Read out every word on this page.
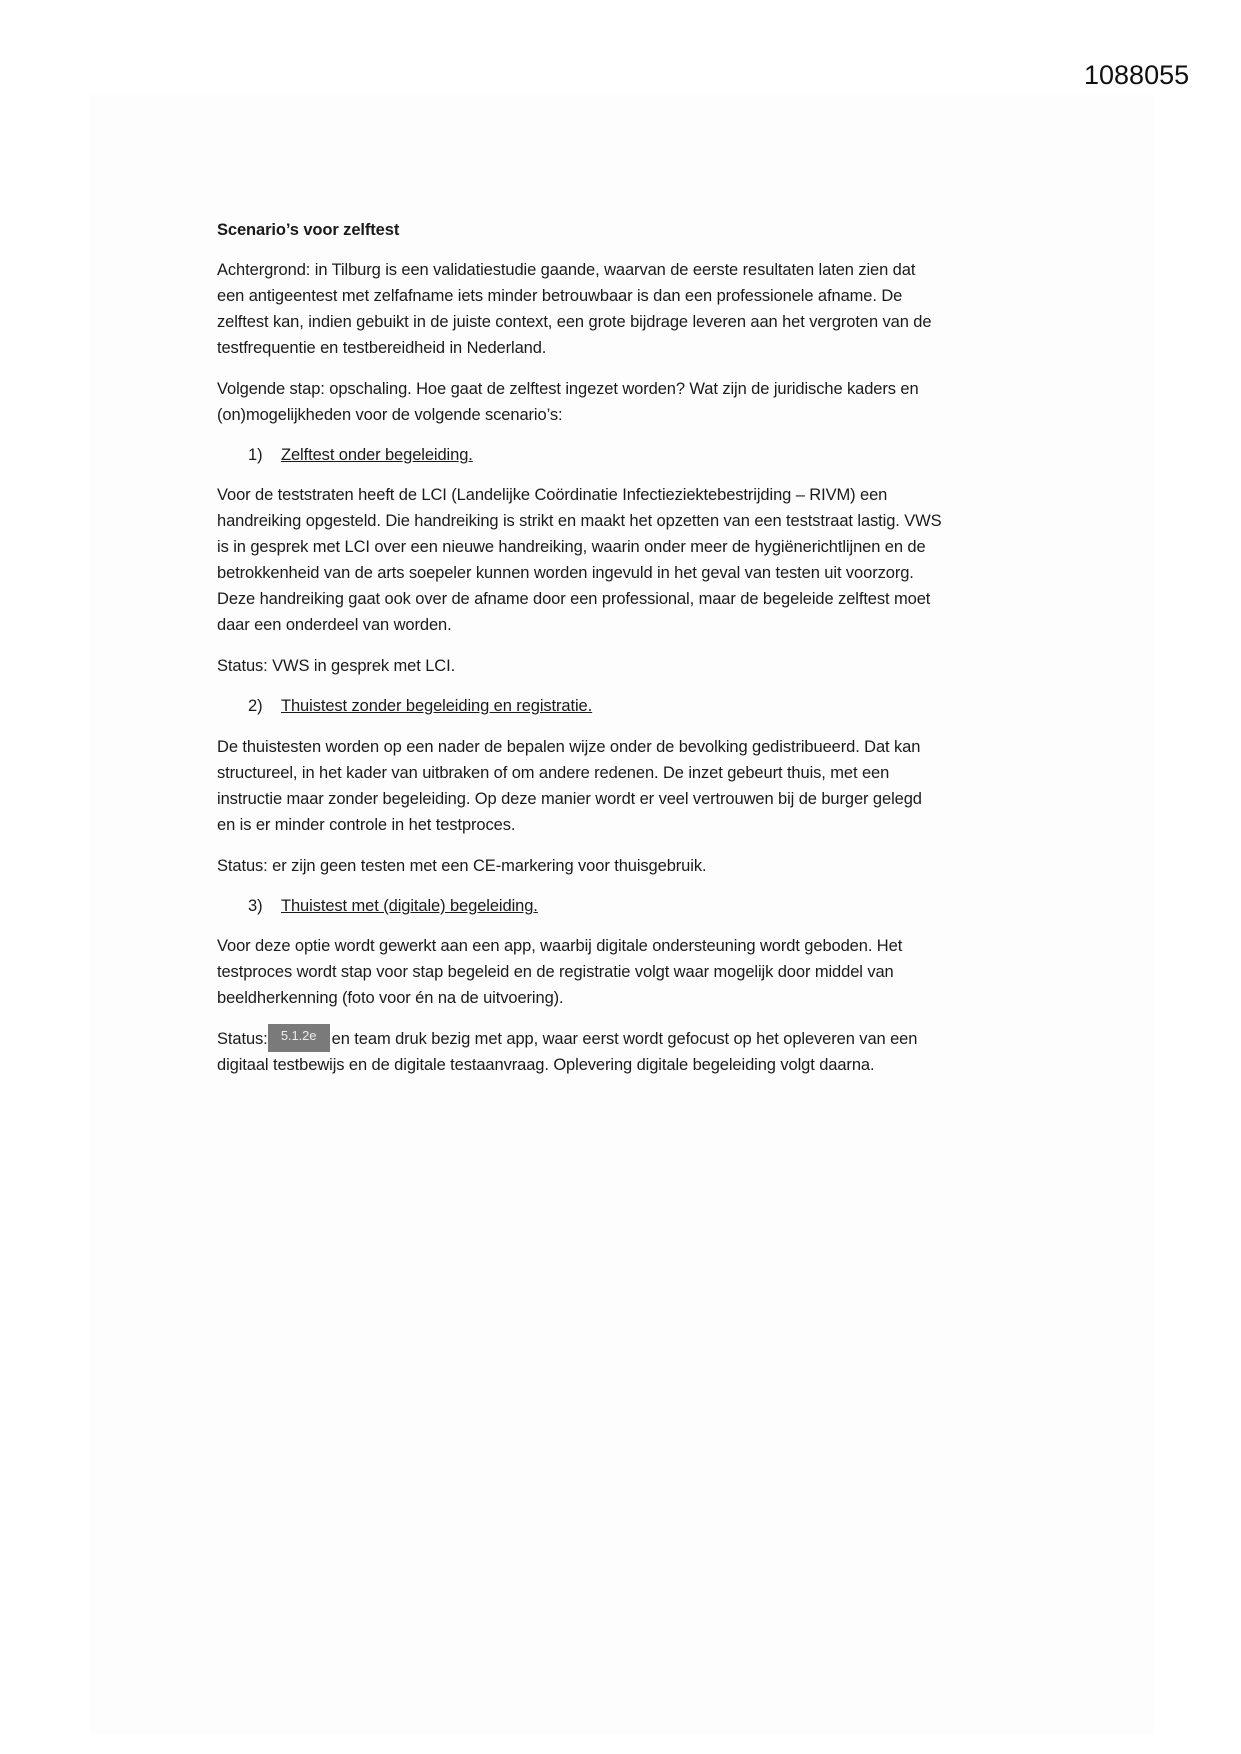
1088055
Scenario’s voor zelftest
Achtergrond: in Tilburg is een validatiestudie gaande, waarvan de eerste resultaten laten zien dat
een antigeentest met zelfafname iets minder betrouwbaar is dan een professionele afname. De
zelftest kan, indien gebuikt in de juiste context, een grote bijdrage leveren aan het vergroten van de
testfrequentie en testbereidheid in Nederland.
Volgende stap: opschaling. Hoe gaat de zelftest ingezet worden? Wat zijn de juridische kaders en
(on)mogelijkheden voor de volgende scenario’s:
1) Zelftest onder begeleiding.
Voor de teststraten heeft de LCI (Landelijke Coördinatie Infectieziektebestrijding – RIVM) een
handreiking opgesteld. Die handreiking is strikt en maakt het opzetten van een teststraat lastig. VWS
is in gesprek met LCI over een nieuwe handreiking, waarin onder meer de hygiënerichtlijnen en de
betrokkenheid van de arts soepeler kunnen worden ingevuld in het geval van testen uit voorzorg.
Deze handreiking gaat ook over de afname door een professional, maar de begeleide zelftest moet
daar een onderdeel van worden.
Status: VWS in gesprek met LCI.
2) Thuistest zonder begeleiding en registratie.
De thuistesten worden op een nader de bepalen wijze onder de bevolking gedistribueerd. Dat kan
structureel, in het kader van uitbraken of om andere redenen. De inzet gebeurt thuis, met een
instructie maar zonder begeleiding. Op deze manier wordt er veel vertrouwen bij de burger gelegd
en is er minder controle in het testproces.
Status: er zijn geen testen met een CE-markering voor thuisgebruik.
3) Thuistest met (digitale) begeleiding.
Voor deze optie wordt gewerkt aan een app, waarbij digitale ondersteuning wordt geboden. Het
testproces wordt stap voor stap begeleid en de registratie volgt waar mogelijk door middel van
beeldherkenning (foto voor én na de uitvoering).
Status: 5.1.2e en team druk bezig met app, waar eerst wordt gefocust op het opleveren van een
digitaal testbewijs en de digitale testaanvraag. Oplevering digitale begeleiding volgt daarna.
